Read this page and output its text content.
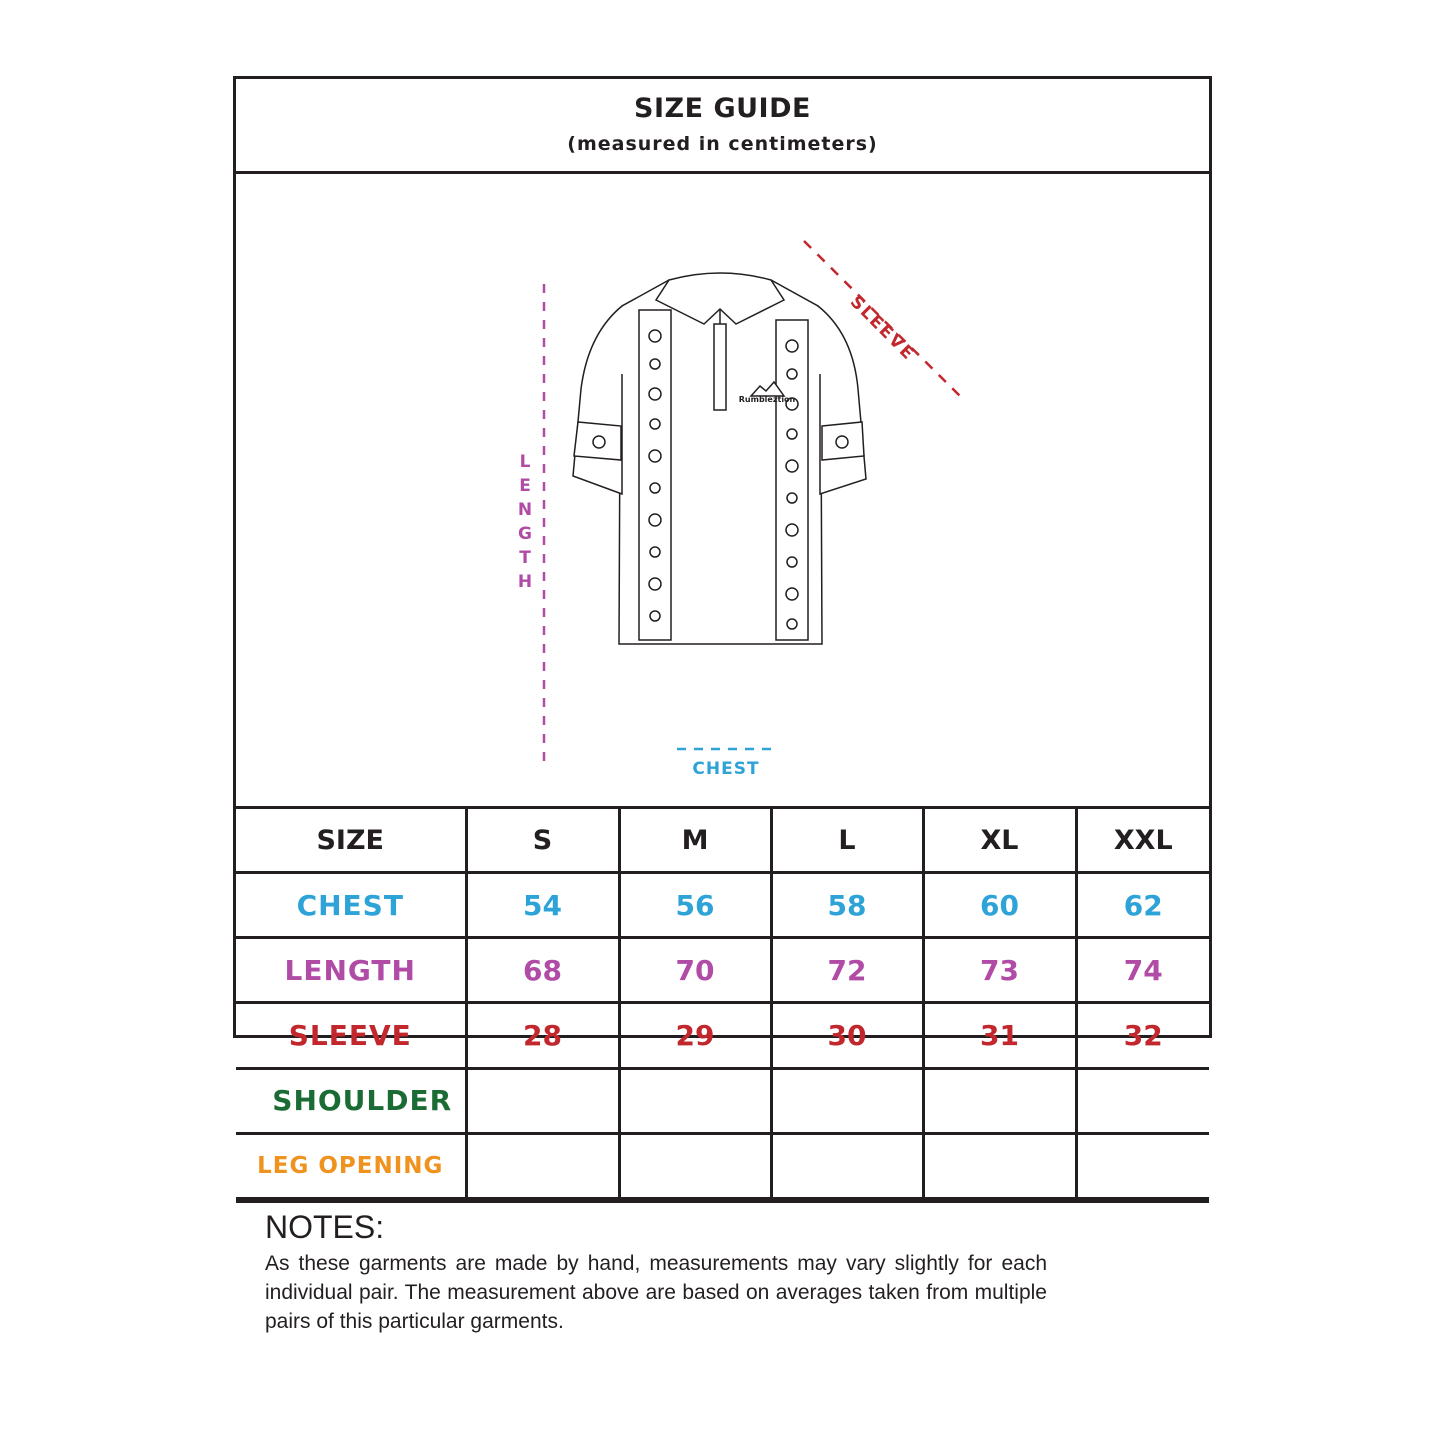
SIZE GUIDE
(measured in centimeters)
Rumbleztion
L
E
N
G
T
H
SLEEVE
CHEST
SIZE	S	M	L	XL	XXL
CHEST	54	56	58	60	62
LENGTH	68	70	72	73	74
SLEEVE	28	29	30	31	32
SHOULDER					
LEG OPENING					
NOTES:
As these garments are made by hand, measurements may vary slightly for each individual pair. The measurement above are based on averages taken from multiple pairs of this particular garments.
